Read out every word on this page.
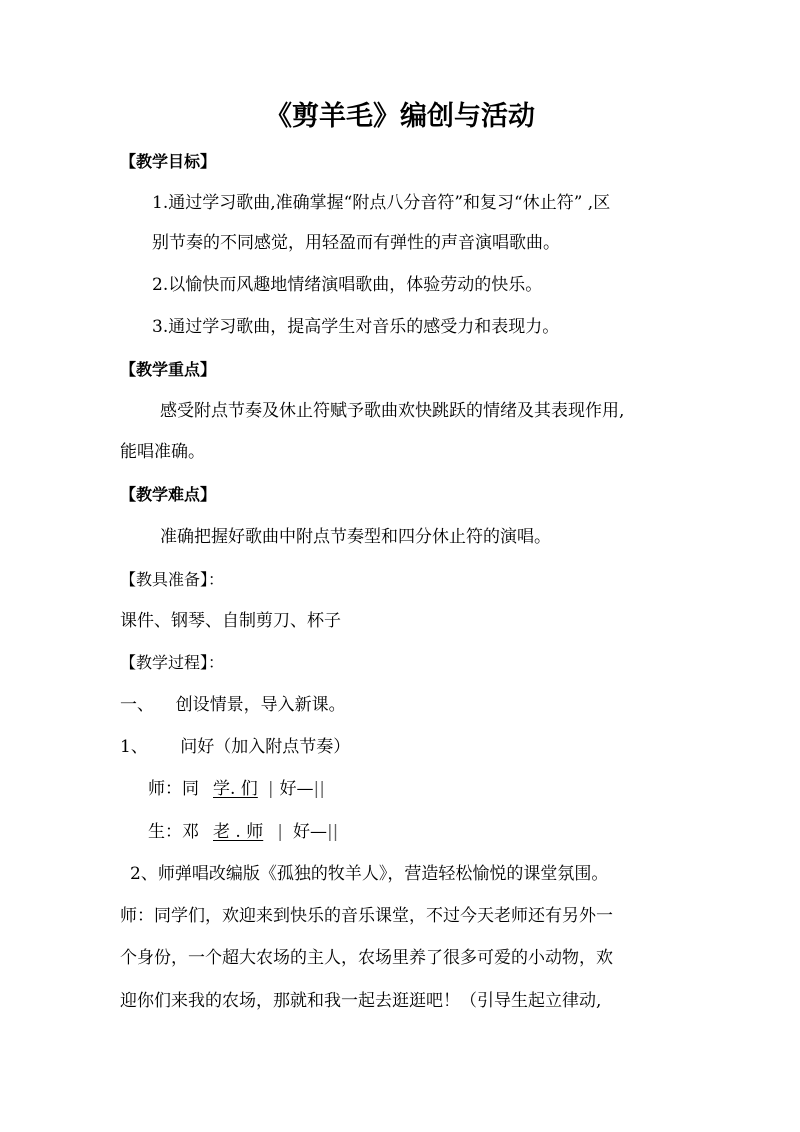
《剪羊毛》编创与活动
【教学目标】
1.通过学习歌曲,准确掌握“附点八分音符”和复习“休止符” ,区
别节奏的不同感觉，用轻盈而有弹性的声音演唱歌曲。
2.以愉快而风趣地情绪演唱歌曲，体验劳动的快乐。
3.通过学习歌曲，提高学生对音乐的感受力和表现力。
【教学重点】
感受附点节奏及休止符赋予歌曲欢快跳跃的情绪及其表现作用,
能唱准确。
【教学难点】
准确把握好歌曲中附点节奏型和四分休止符的演唱。
【教具准备】：
课件、钢琴、自制剪刀、杯子
【教学过程】：
一、    创设情景，导入新课。
1、      问好（加入附点节奏）
师：同 学. 们 | 好—||
生：邓 老 . 师 | 好—||
2、师弹唱改编版《孤独的牧羊人》，营造轻松愉悦的课堂氛围。
师：同学们，欢迎来到快乐的音乐课堂，不过今天老师还有另外一
个身份，一个超大农场的主人，农场里养了很多可爱的小动物，欢
迎你们来我的农场，那就和我一起去逛逛吧！（引导生起立律动,
